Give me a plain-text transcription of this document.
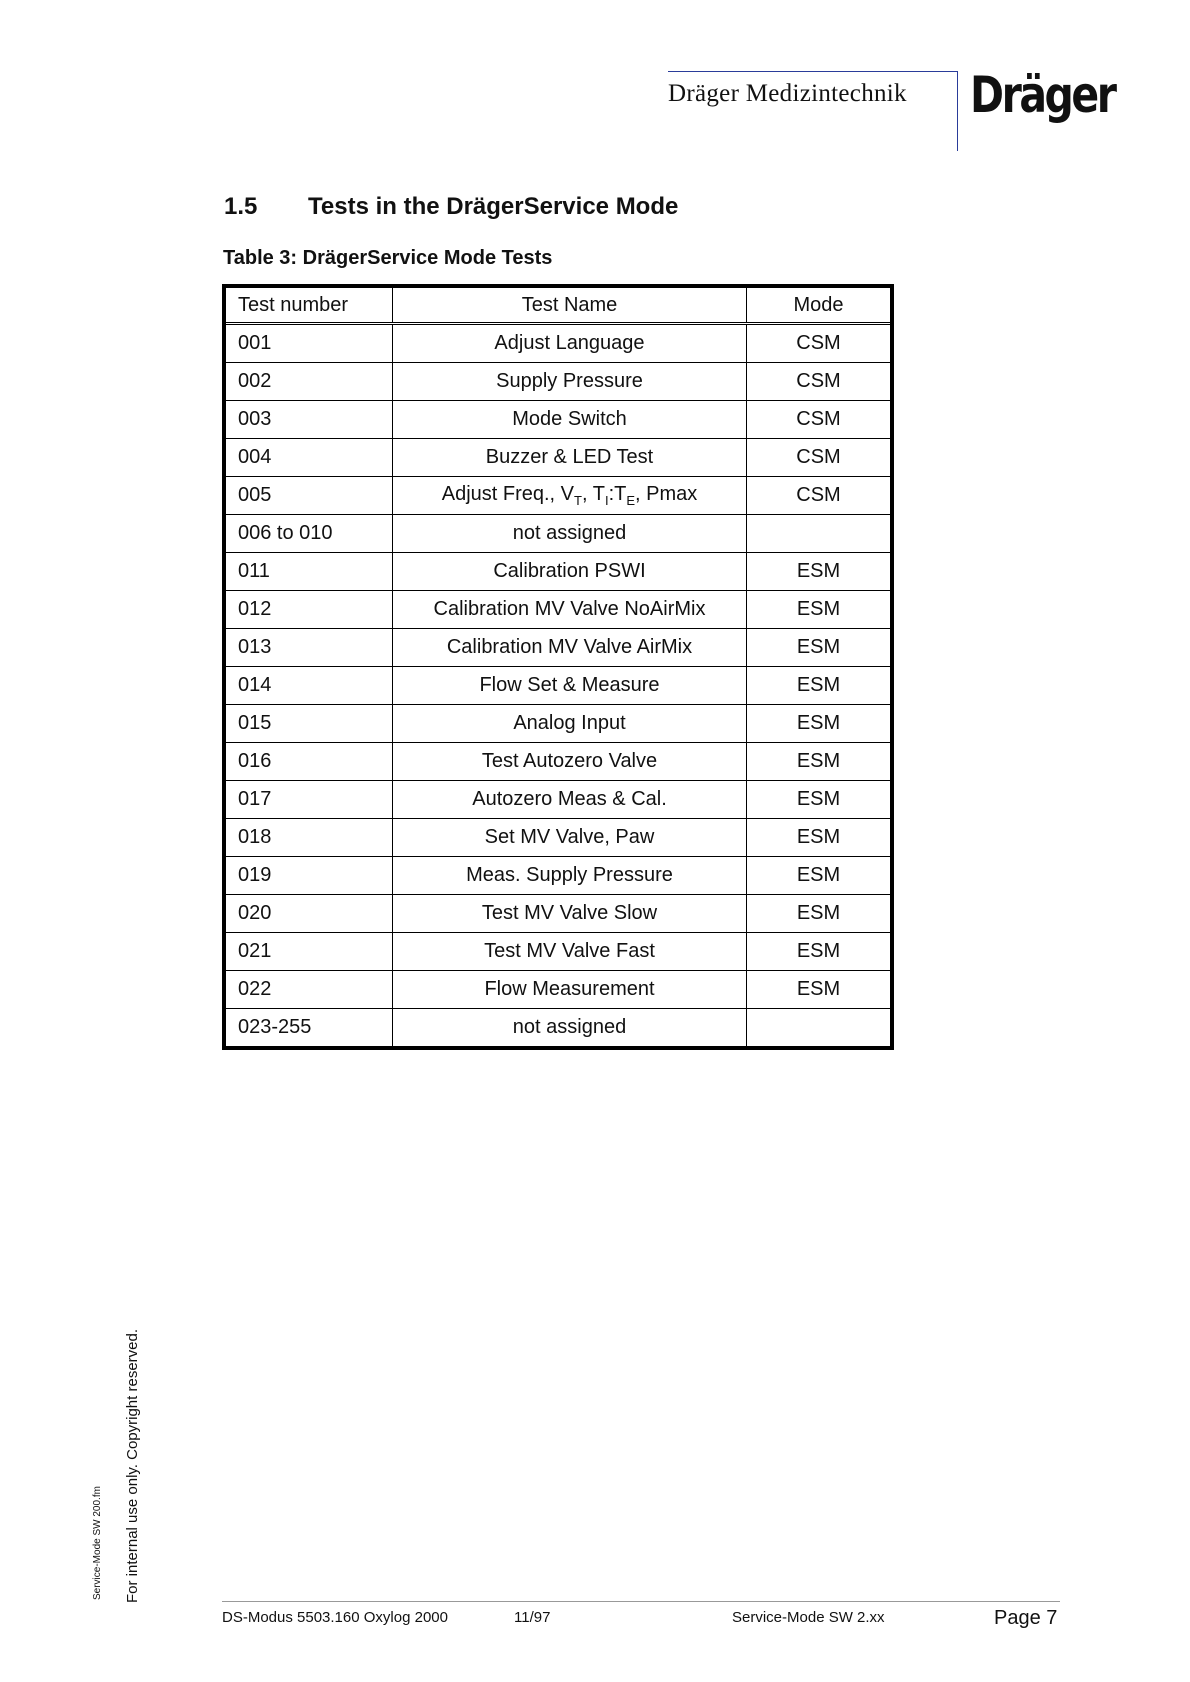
Dräger Medizintechnik Dräger
1.5 Tests in the DrägerService Mode
Table 3: DrägerService Mode Tests
Test number	Test Name	Mode
001	Adjust Language	CSM
002	Supply Pressure	CSM
003	Mode Switch	CSM
004	Buzzer & LED Test	CSM
005	Adjust Freq., $V_T$, $T_I:T_E$, Pmax	CSM
006 to 010	not assigned	
011	Calibration PSWI	ESM
012	Calibration MV Valve NoAirMix	ESM
013	Calibration MV Valve AirMix	ESM
014	Flow Set & Measure	ESM
015	Analog Input	ESM
016	Test Autozero Valve	ESM
017	Autozero Meas & Cal.	ESM
018	Set MV Valve, Paw	ESM
019	Meas. Supply Pressure	ESM
020	Test MV Valve Slow	ESM
021	Test MV Valve Fast	ESM
022	Flow Measurement	ESM
023-255	not assigned	
Service-Mode SW 200.fm For internal use only. Copyright reserved.
DS-Modus 5503.160 Oxylog 2000	11/97	Service-Mode SW 2.xx	Page 7
